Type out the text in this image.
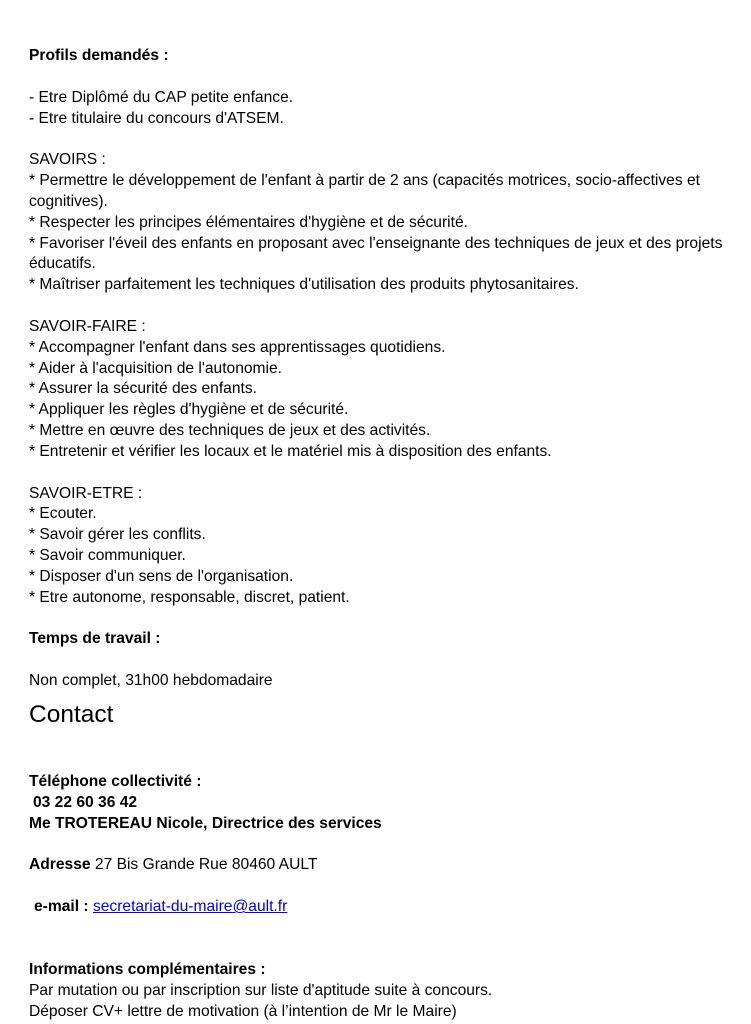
Profils demandés :

- Etre Diplômé du CAP petite enfance.
- Etre titulaire du concours d'ATSEM.
SAVOIRS :
* Permettre le développement de l'enfant à partir de 2 ans (capacités motrices, socio-affectives et cognitives).
* Respecter les principes élémentaires d'hygiène et de sécurité.
* Favoriser l'éveil des enfants en proposant avec l'enseignante des techniques de jeux et des projets éducatifs.
* Maîtriser parfaitement les techniques d'utilisation des produits phytosanitaires.
SAVOIR-FAIRE :
* Accompagner l'enfant dans ses apprentissages quotidiens.
* Aider à l'acquisition de l'autonomie.
* Assurer la sécurité des enfants.
* Appliquer les règles d'hygiène et de sécurité.
* Mettre en œuvre des techniques de jeux et des activités.
* Entretenir et vérifier les locaux et le matériel mis à disposition des enfants.
SAVOIR-ETRE :
* Ecouter.
* Savoir gérer les conflits.
* Savoir communiquer.
* Disposer d'un sens de l'organisation.
* Etre autonome, responsable, discret, patient.

Temps de travail :

Non complet, 31h00 hebdomadaire

Contact

Téléphone collectivité :
03 22 60 36 42
Me TROTEREAU Nicole, Directrice des services
Adresse 27 Bis Grande Rue 80460 AULT
e-mail : secretariat-du-maire@ault.fr
Informations complémentaires :
Par mutation ou par inscription sur liste d'aptitude suite à concours.
Déposer CV+ lettre de motivation (à l’intention de Mr le Maire)
